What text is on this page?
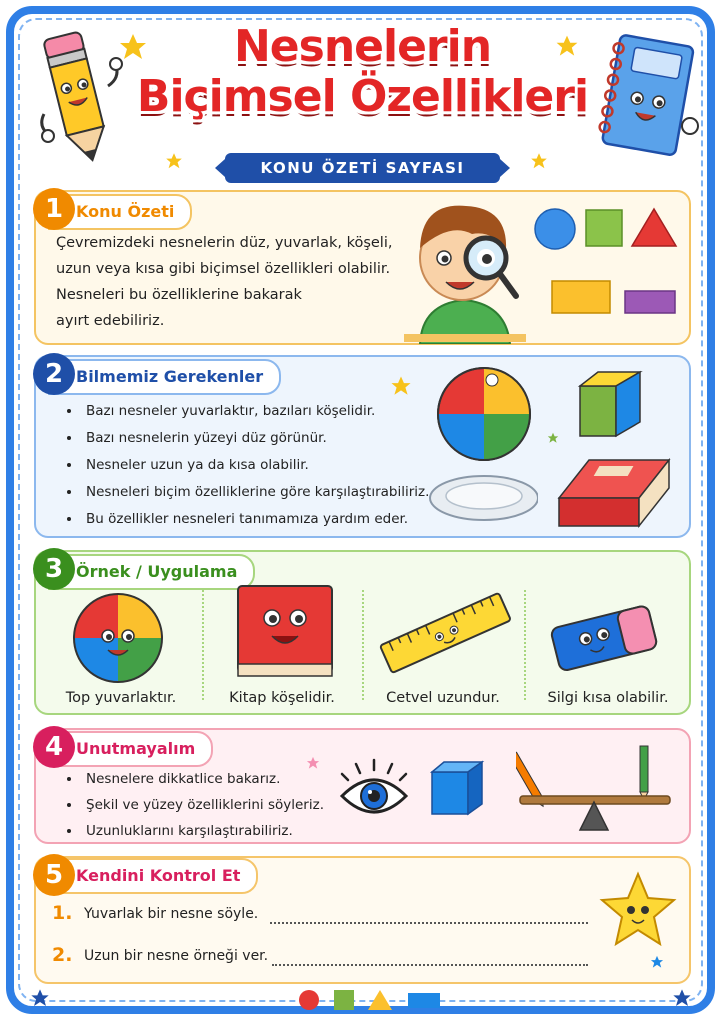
Nesnelerin
Biçimsel Özellikleri
KONU ÖZETİ SAYFASI
Konu Özeti
1
Çevremizdeki nesnelerin düz, yuvarlak, köşeli,
uzun veya kısa gibi biçimsel özellikleri olabilir.
Nesneleri bu özelliklerine bakarak
ayırt edebiliriz.
Bilmemiz Gerekenler
2
• Bazı nesneler yuvarlaktır, bazıları köşelidir.
• Bazı nesnelerin yüzeyi düz görünür.
• Nesneler uzun ya da kısa olabilir.
• Nesneleri biçim özelliklerine göre karşılaştırabiliriz.
• Bu özellikler nesneleri tanımamıza yardım eder.
Örnek / Uygulama
3
Top yuvarlaktır.	Kitap köşelidir.	Cetvel uzundur.	Silgi kısa olabilir.
Unutmayalım
4
• Nesnelere dikkatlice bakarız.
• Şekil ve yüzey özelliklerini söyleriz.
• Uzunluklarını karşılaştırabiliriz.
Kendini Kontrol Et
5
1. Yuvarlak bir nesne söyle.
2. Uzun bir nesne örneği ver.
